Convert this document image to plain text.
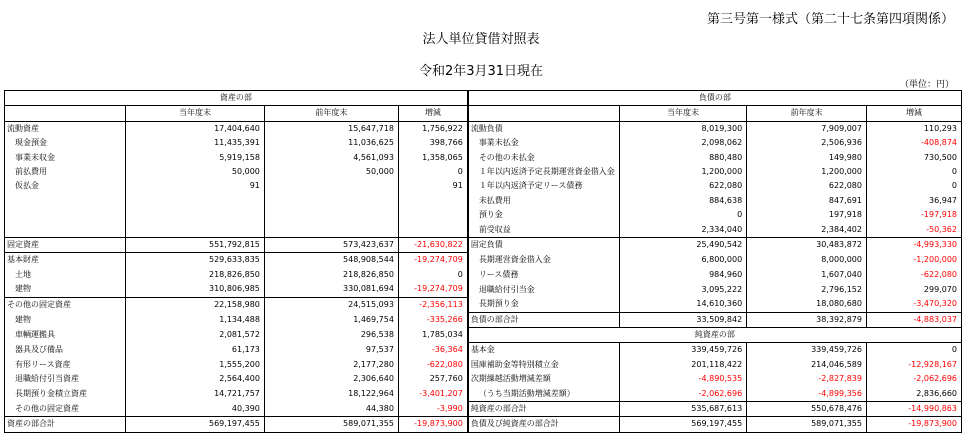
第三号第一様式（第二十七条第四項関係）
法人単位貸借対照表
令和2年3月31日現在
（単位：円）
資産の部				負債の部			
	当年度末	前年度末	増減		当年度末	前年度末	増減
流動資産	17,404,640	15,647,718	1,756,922	流動負債	8,019,300	7,909,007	110,293
現金預金	11,435,391	11,036,625	398,766	事業未払金	2,098,062	2,506,936	-408,874
事業未収金	5,919,158	4,561,093	1,358,065	その他の未払金	880,480	149,980	730,500
前払費用	50,000	50,000	0	１年以内返済予定長期運営資金借入金	1,200,000	1,200,000	0
仮払金	91		91	１年以内返済予定リース債務	622,080	622,080	0
				未払費用	884,638	847,691	36,947
				預り金	0	197,918	-197,918
				前受収益	2,334,040	2,384,402	-50,362
固定資産	551,792,815	573,423,637	-21,630,822	固定負債	25,490,542	30,483,872	-4,993,330
基本財産	529,633,835	548,908,544	-19,274,709	長期運営資金借入金	6,800,000	8,000,000	-1,200,000
土地	218,826,850	218,826,850	0	リース債務	984,960	1,607,040	-622,080
建物	310,806,985	330,081,694	-19,274,709	退職給付引当金	3,095,222	2,796,152	299,070
その他の固定資産	22,158,980	24,515,093	-2,356,113	長期預り金	14,610,360	18,080,680	-3,470,320
建物	1,134,488	1,469,754	-335,266	負債の部合計	33,509,842	38,392,879	-4,883,037
車輌運搬具	2,081,572	296,538	1,785,034	純資産の部			
器具及び備品	61,173	97,537	-36,364	基本金	339,459,726	339,459,726	0
有形リース資産	1,555,200	2,177,280	-622,080	国庫補助金等特別積立金	201,118,422	214,046,589	-12,928,167
退職給付引当資産	2,564,400	2,306,640	257,760	次期繰越活動増減差額	-4,890,535	-2,827,839	-2,062,696
長期預り金積立資産	14,721,757	18,122,964	-3,401,207	（うち当期活動増減差額）	-2,062,696	-4,899,356	2,836,660
その他の固定資産	40,390	44,380	-3,990	純資産の部合計	535,687,613	550,678,476	-14,990,863
資産の部合計	569,197,455	589,071,355	-19,873,900	負債及び純資産の部合計	569,197,455	589,071,355	-19,873,900
